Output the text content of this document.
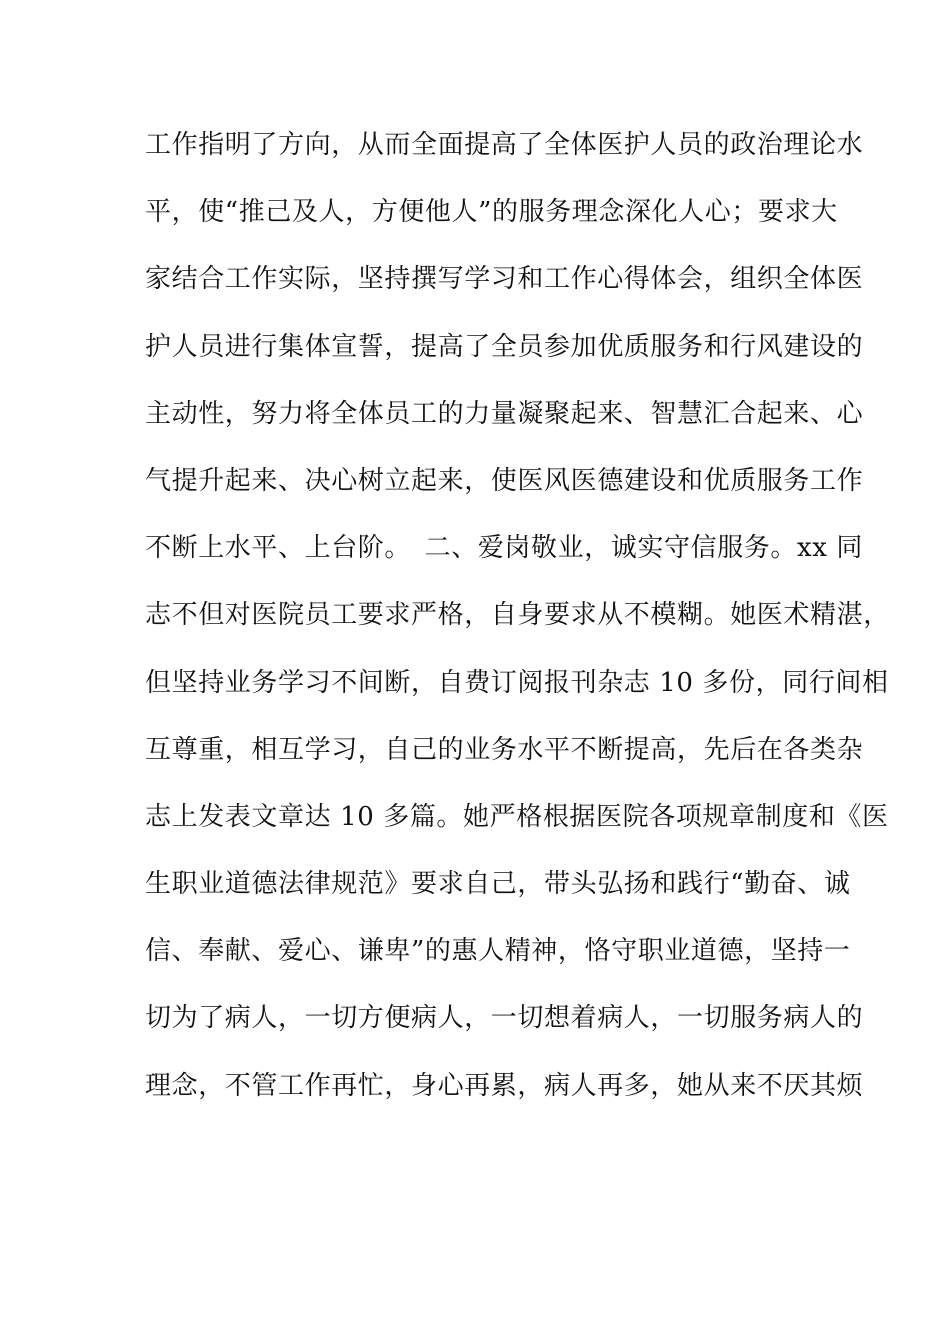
工作指明了方向，从而全面提高了全体医护人员的政治理论水
平，使“推己及人，方便他人”的服务理念深化人心；要求大
家结合工作实际，坚持撰写学习和工作心得体会，组织全体医
护人员进行集体宣誓，提高了全员参加优质服务和行风建设的
主动性，努力将全体员工的力量凝聚起来、智慧汇合起来、心
气提升起来、决心树立起来，使医风医德建设和优质服务工作
不断上水平、上台阶。　二、爱岗敬业，诚实守信服务。xx 同
志不但对医院员工要求严格，自身要求从不模糊。她医术精湛，
但坚持业务学习不间断，自费订阅报刊杂志 10 多份，同行间相
互尊重，相互学习，自己的业务水平不断提高，先后在各类杂
志上发表文章达 10 多篇。她严格根据医院各项规章制度和《医
生职业道德法律规范》要求自己，带头弘扬和践行“勤奋、诚
信、奉献、爱心、谦卑”的惠人精神，恪守职业道德，坚持一
切为了病人，一切方便病人，一切想着病人，一切服务病人的
理念，不管工作再忙，身心再累，病人再多，她从来不厌其烦
